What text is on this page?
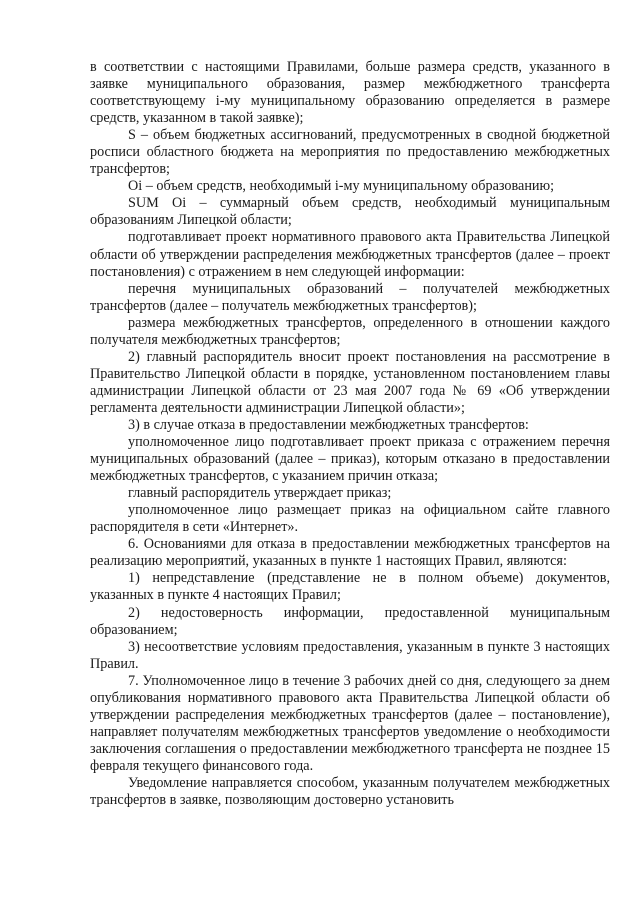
в соответствии с настоящими Правилами, больше размера средств, указанного в заявке муниципального образования, размер межбюджетного трансферта соответствующему i-му муниципальному образованию определяется в размере средств, указанном в такой заявке);

S – объем бюджетных ассигнований, предусмотренных в сводной бюджетной росписи областного бюджета на мероприятия по предоставлению межбюджетных трансфертов;

Oi – объем средств, необходимый i-му муниципальному образованию;

SUM Oi – суммарный объем средств, необходимый муниципальным образованиям Липецкой области;

подготавливает проект нормативного правового акта Правительства Липецкой области об утверждении распределения межбюджетных трансфертов (далее – проект постановления) с отражением в нем следующей информации:

перечня муниципальных образований – получателей межбюджетных трансфертов (далее – получатель межбюджетных трансфертов);

размера межбюджетных трансфертов, определенного в отношении каждого получателя межбюджетных трансфертов;

2) главный распорядитель вносит проект постановления на рассмотрение в Правительство Липецкой области в порядке, установленном постановлением главы администрации Липецкой области от 23 мая 2007 года № 69 «Об утверждении регламента деятельности администрации Липецкой области»;

3) в случае отказа в предоставлении межбюджетных трансфертов:

уполномоченное лицо подготавливает проект приказа с отражением перечня муниципальных образований (далее – приказ), которым отказано в предоставлении межбюджетных трансфертов, с указанием причин отказа;

главный распорядитель утверждает приказ;

уполномоченное лицо размещает приказ на официальном сайте главного распорядителя в сети «Интернет».

6. Основаниями для отказа в предоставлении межбюджетных трансфертов на реализацию мероприятий, указанных в пункте 1 настоящих Правил, являются:

1) непредставление (представление не в полном объеме) документов, указанных в пункте 4 настоящих Правил;

2) недостоверность информации, предоставленной муниципальным образованием;

3) несоответствие условиям предоставления, указанным в пункте 3 настоящих Правил.

7. Уполномоченное лицо в течение 3 рабочих дней со дня, следующего за днем опубликования нормативного правового акта Правительства Липецкой области об утверждении распределения межбюджетных трансфертов (далее – постановление), направляет получателям межбюджетных трансфертов уведомление о необходимости заключения соглашения о предоставлении межбюджетного трансферта не позднее 15 февраля текущего финансового года.

Уведомление направляется способом, указанным получателем межбюджетных трансфертов в заявке, позволяющим достоверно установить
